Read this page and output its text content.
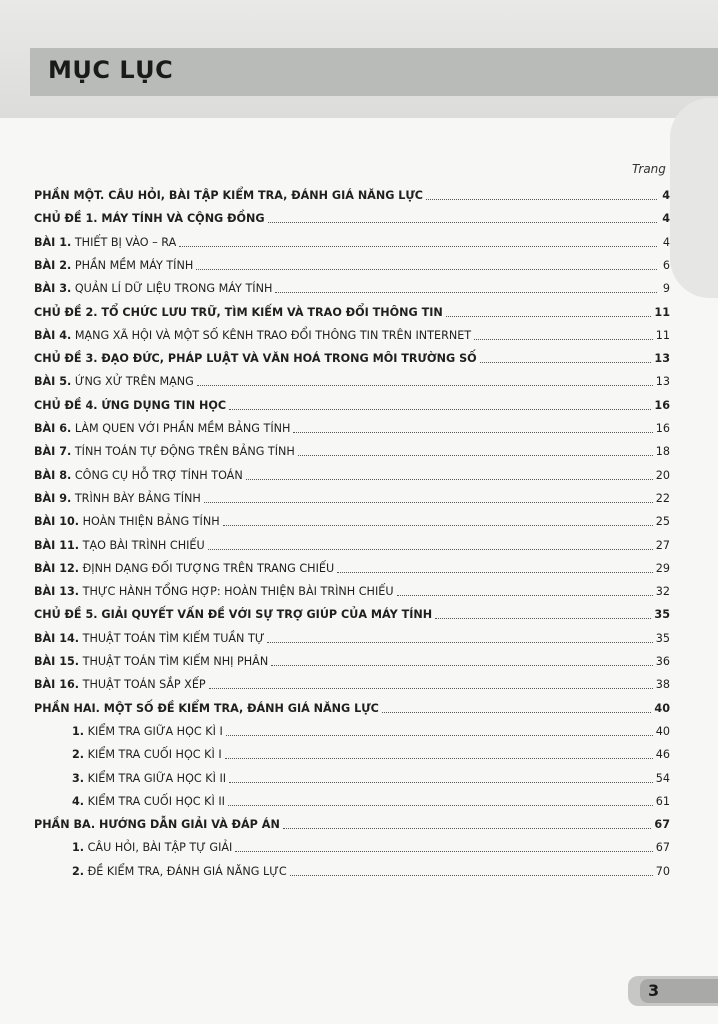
MỤC LỤC
Trang
PHẦN MỘT. CÂU HỎI, BÀI TẬP KIỂM TRA, ĐÁNH GIÁ NĂNG LỰC	4
CHỦ ĐỀ 1. MÁY TÍNH VÀ CỘNG ĐỒNG	4
BÀI 1. THIẾT BỊ VÀO – RA	4
BÀI 2. PHẦN MỀM MÁY TÍNH	6
BÀI 3. QUẢN LÍ DỮ LIỆU TRONG MÁY TÍNH	9
CHỦ ĐỀ 2. TỔ CHỨC LƯU TRỮ, TÌM KIẾM VÀ TRAO ĐỔI THÔNG TIN	11
BÀI 4. MẠNG XÃ HỘI VÀ MỘT SỐ KÊNH TRAO ĐỔI THÔNG TIN TRÊN INTERNET	11
CHỦ ĐỀ 3. ĐẠO ĐỨC, PHÁP LUẬT VÀ VĂN HOÁ TRONG MÔI TRƯỜNG SỐ	13
BÀI 5. ỨNG XỬ TRÊN MẠNG	13
CHỦ ĐỀ 4. ỨNG DỤNG TIN HỌC	16
BÀI 6. LÀM QUEN VỚI PHẦN MỀM BẢNG TÍNH	16
BÀI 7. TÍNH TOÁN TỰ ĐỘNG TRÊN BẢNG TÍNH	18
BÀI 8. CÔNG CỤ HỖ TRỢ TÍNH TOÁN	20
BÀI 9. TRÌNH BÀY BẢNG TÍNH	22
BÀI 10. HOÀN THIỆN BẢNG TÍNH	25
BÀI 11. TẠO BÀI TRÌNH CHIẾU	27
BÀI 12. ĐỊNH DẠNG ĐỐI TƯỢNG TRÊN TRANG CHIẾU	29
BÀI 13. THỰC HÀNH TỔNG HỢP: HOÀN THIỆN BÀI TRÌNH CHIẾU	32
CHỦ ĐỀ 5. GIẢI QUYẾT VẤN ĐỀ VỚI SỰ TRỢ GIÚP CỦA MÁY TÍNH	35
BÀI 14. THUẬT TOÁN TÌM KIẾM TUẦN TỰ	35
BÀI 15. THUẬT TOÁN TÌM KIẾM NHỊ PHÂN	36
BÀI 16. THUẬT TOÁN SẮP XẾP	38
PHẦN HAI. MỘT SỐ ĐỀ KIỂM TRA, ĐÁNH GIÁ NĂNG LỰC	40
1. KIỂM TRA GIỮA HỌC KÌ I	40
2. KIỂM TRA CUỐI HỌC KÌ I	46
3. KIỂM TRA GIỮA HỌC KÌ II	54
4. KIỂM TRA CUỐI HỌC KÌ II	61
PHẦN BA. HƯỚNG DẪN GIẢI VÀ ĐÁP ÁN	67
1. CÂU HỎI, BÀI TẬP TỰ GIẢI	67
2. ĐỀ KIỂM TRA, ĐÁNH GIÁ NĂNG LỰC	70
3
